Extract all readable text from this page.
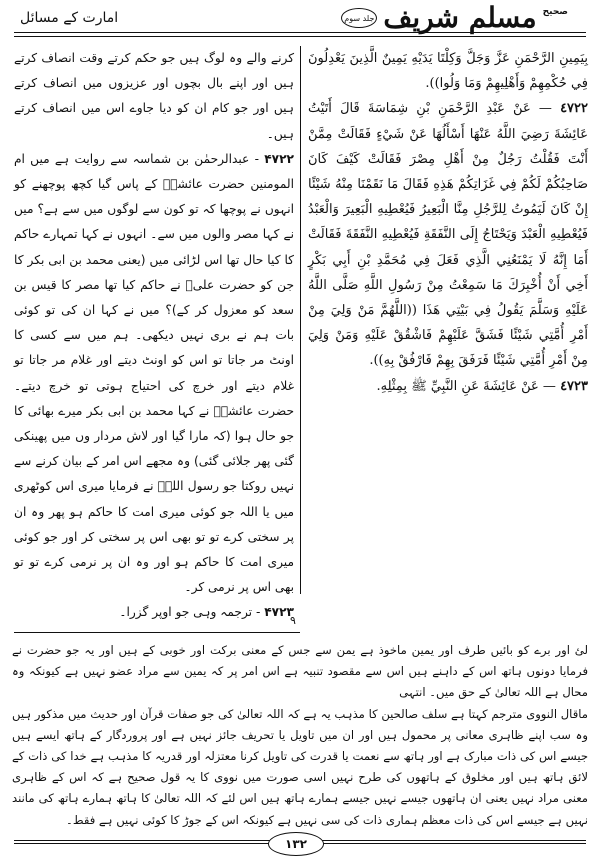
امارت کے مسائل	جلد سوم مسلم شریف صحيح

بِيَمِينِ الرَّحْمَنِ عَزَّ وَجَلَّ وَكِلْتَا يَدَيْهِ يَمِينٌ الَّذِينَ يَعْدِلُونَ فِي حُكْمِهِمْ وَأَهْلِيهِمْ وَمَا وَلُوا)).

٤٧٢٢ — عَنْ عَبْدِ الرَّحْمَنِ بْنِ شِمَاسَةَ قَالَ أَتَيْتُ عَائِشَةَ رَضِيَ اللَّهُ عَنْهَا أَسْأَلُهَا عَنْ شَيْءٍ فَقَالَتْ مِمَّنْ أَنْتَ فَقُلْتُ رَجُلٌ مِنْ أَهْلِ مِصْرَ فَقَالَتْ كَيْفَ كَانَ صَاحِبُكُمْ لَكُمْ فِي غَزَاتِكُمْ هَذِهِ فَقَالَ مَا نَقَمْنَا مِنْهُ شَيْئًا إِنْ كَانَ لَيَمُوتُ لِلرَّجُلِ مِنَّا الْبَعِيرُ فَيُعْطِيهِ الْبَعِيرَ وَالْعَبْدُ فَيُعْطِيهِ الْعَبْدَ وَيَحْتَاجُ إِلَى النَّفَقَةِ فَيُعْطِيهِ النَّفَقَةَ فَقَالَتْ أَمَا إِنَّهُ لَا يَمْنَعُنِي الَّذِي فَعَلَ فِي مُحَمَّدِ بْنِ أَبِي بَكْرٍ أَخِي أَنْ أُخْبِرَكَ مَا سَمِعْتُ مِنْ رَسُولِ اللَّهِ صَلَّى اللَّهُ عَلَيْهِ وَسَلَّمَ يَقُولُ فِي بَيْتِي هَذَا ((اللَّهُمَّ مَنْ وَلِيَ مِنْ أَمْرِ أُمَّتِي شَيْئًا فَشَقَّ عَلَيْهِمْ فَاشْقُقْ عَلَيْهِ وَمَنْ وَلِيَ مِنْ أَمْرِ أُمَّتِي شَيْئًا فَرَفَقَ بِهِمْ فَارْفُقْ بِهِ)).

٤٧٢٣ — عَنْ عَائِشَةَ عَنِ النَّبِيِّ ﷺ بِمِثْلِهِ.

کرنے والے وہ لوگ ہیں جو حکم کرتے وقت انصاف کرتے ہیں اور اپنے بال بچوں اور عزیزوں میں انصاف کرتے ہیں اور جو کام ان کو دیا جاوے اس میں انصاف کرتے ہیں۔

۴۷۲۲ - عبدالرحمٰن بن شماسہ سے روایت ہے میں ام المومنین حضرت عائشہؓ کے پاس گیا کچھ پوچھنے کو انہوں نے پوچھا کہ تو کون سے لوگوں میں سے ہے؟ میں نے کہا مصر والوں میں سے۔ انہوں نے کہا تمہارے حاکم کا کیا حال تھا اس لڑائی میں (یعنی محمد بن ابی بکر کا جن کو حضرت علیؓ نے حاکم کیا تھا مصر کا قیس بن سعد کو معزول کر کے)؟ میں نے کہا ان کی تو کوئی بات ہم نے بری نہیں دیکھی۔ ہم میں سے کسی کا اونٹ مر جاتا تو اس کو اونٹ دیتے اور غلام مر جاتا تو غلام دیتے اور خرچ کی احتیاج ہوتی تو خرچ دیتے۔ حضرت عائشہؓ نے کہا محمد بن ابی بکر میرے بھائی کا جو حال ہوا (کہ مارا گیا اور لاش مردار وں میں پھینکی گئی پھر جلائی گئی) وہ مجھے اس امر کے بیان کرنے سے نہیں روکتا جو رسول اللہؐ نے فرمایا میری اس کوٹھری میں یا اللہ جو کوئی میری امت کا حاکم ہو پھر وہ ان پر سختی کرے تو تو بھی اس پر سختی کر اور جو کوئی میری امت کا حاکم ہو اور وہ ان پر نرمی کرے تو تو بھی اس پر نرمی کر۔

۴۷۲۳ - ترجمہ وہی جو اوپر گزرا۔

۹

لئ اور برے کو بائیں طرف اور یمین ماخوذ ہے یمن سے جس کے معنی برکت اور خوبی کے ہیں اور یہ جو حضرت نے فرمایا دونوں ہاتھ اس کے داہنے ہیں اس سے مقصود تنبیہ ہے اس امر پر کہ یمین سے مراد عضو نہیں ہے کیونکہ وہ محال ہے اللہ تعالیٰ کے حق میں۔ انتہی

ماقال النووی مترجم کہتا ہے سلف صالحین کا مذہب یہ ہے کہ اللہ تعالیٰ کی جو صفات قرآن اور حدیث میں مذکور ہیں وہ سب اپنے ظاہری معانی پر محمول ہیں اور ان میں تاویل یا تحریف جائز نہیں ہے اور پروردگار کے ہاتھ ایسے ہیں جیسے اس کی ذات مبارک ہے اور ہاتھ سے نعمت یا قدرت کی تاویل کرنا معتزلہ اور قدریہ کا مذہب ہے خدا کی ذات کے لائق ہاتھ ہیں اور مخلوق کے ہاتھوں کی طرح نہیں اسی صورت میں نووی کا یہ قول صحیح ہے کہ اس کے ظاہری معنی مراد نہیں یعنی ان ہاتھوں جیسے نہیں جیسے ہمارے ہاتھ ہیں اس لئے کہ اللہ تعالیٰ کا ہاتھ ہمارے ہاتھ کی مانند نہیں ہے جیسے اس کی ذات معظم ہماری ذات کی سی نہیں ہے کیونکہ اس کے جوڑ کا کوئی نہیں ہے فقط۔

۱۳۲
